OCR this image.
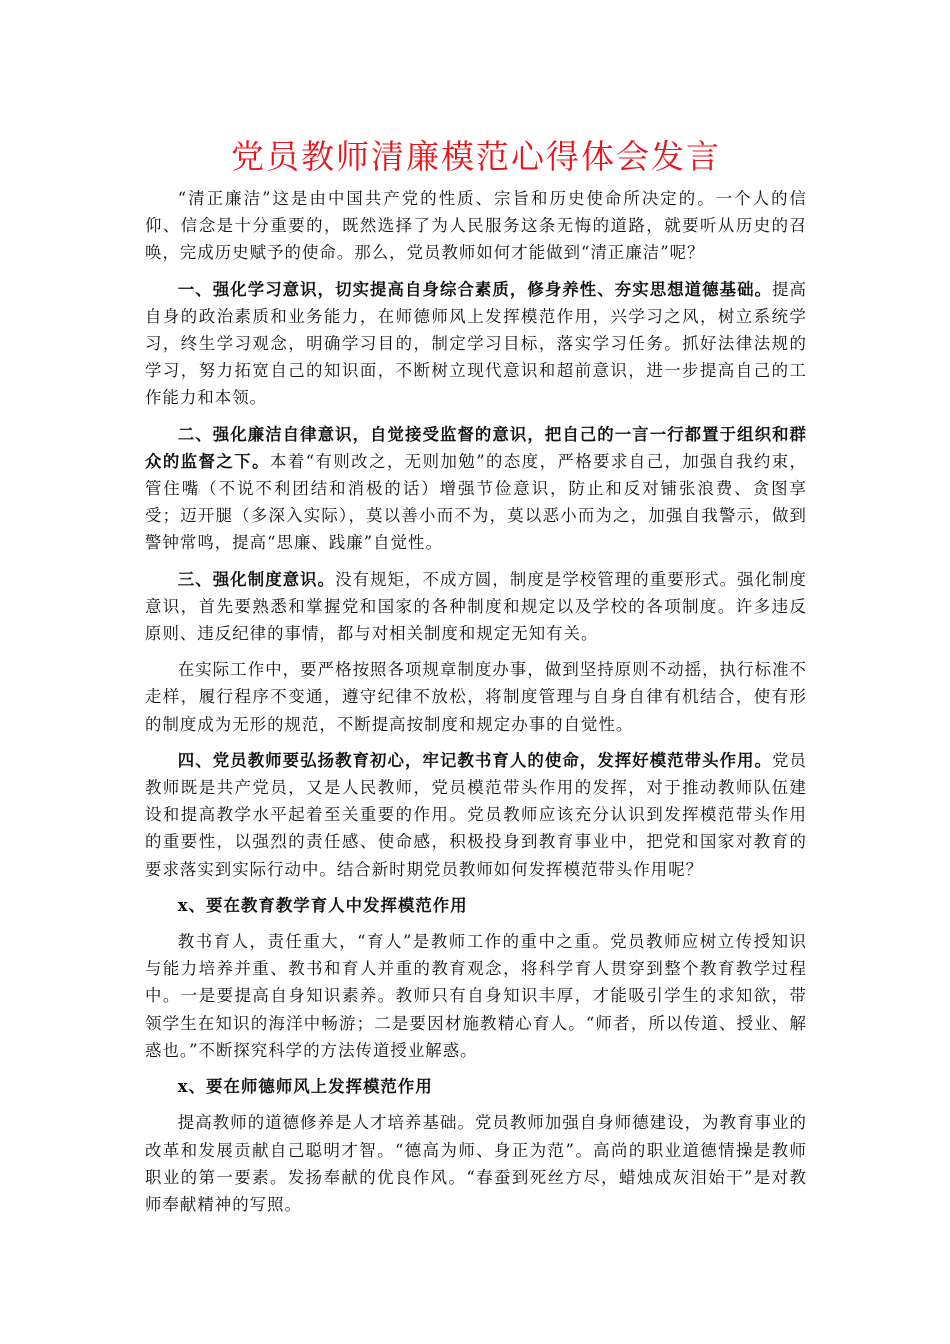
党员教师清廉模范心得体会发言

“清正廉洁”这是由中国共产党的性质、宗旨和历史使命所决定的。一个人的信仰、信念是十分重要的，既然选择了为人民服务这条无悔的道路，就要听从历史的召唤，完成历史赋予的使命。那么，党员教师如何才能做到“清正廉洁”呢？

一、强化学习意识，切实提高自身综合素质，修身养性、夯实思想道德基础。提高自身的政治素质和业务能力，在师德师风上发挥模范作用，兴学习之风，树立系统学习，终生学习观念，明确学习目的，制定学习目标，落实学习任务。抓好法律法规的学习，努力拓宽自己的知识面，不断树立现代意识和超前意识，进一步提高自己的工作能力和本领。

二、强化廉洁自律意识，自觉接受监督的意识，把自己的一言一行都置于组织和群众的监督之下。本着“有则改之，无则加勉”的态度，严格要求自己，加强自我约束，管住嘴（不说不利团结和消极的话）增强节俭意识，防止和反对铺张浪费、贪图享受；迈开腿（多深入实际），莫以善小而不为，莫以恶小而为之，加强自我警示，做到警钟常鸣，提高“思廉、践廉”自觉性。

三、强化制度意识。没有规矩，不成方圆，制度是学校管理的重要形式。强化制度意识，首先要熟悉和掌握党和国家的各种制度和规定以及学校的各项制度。许多违反原则、违反纪律的事情，都与对相关制度和规定无知有关。

在实际工作中，要严格按照各项规章制度办事，做到坚持原则不动摇，执行标准不走样，履行程序不变通，遵守纪律不放松，将制度管理与自身自律有机结合，使有形的制度成为无形的规范，不断提高按制度和规定办事的自觉性。

四、党员教师要弘扬教育初心，牢记教书育人的使命，发挥好模范带头作用。党员教师既是共产党员，又是人民教师，党员模范带头作用的发挥，对于推动教师队伍建设和提高教学水平起着至关重要的作用。党员教师应该充分认识到发挥模范带头作用的重要性，以强烈的责任感、使命感，积极投身到教育事业中，把党和国家对教育的要求落实到实际行动中。结合新时期党员教师如何发挥模范带头作用呢？

x、要在教育教学育人中发挥模范作用

教书育人，责任重大，“育人”是教师工作的重中之重。党员教师应树立传授知识与能力培养并重、教书和育人并重的教育观念，将科学育人贯穿到整个教育教学过程中。一是要提高自身知识素养。教师只有自身知识丰厚，才能吸引学生的求知欲，带领学生在知识的海洋中畅游；二是要因材施教精心育人。“师者，所以传道、授业、解惑也。”不断探究科学的方法传道授业解惑。

x、要在师德师风上发挥模范作用

提高教师的道德修养是人才培养基础。党员教师加强自身师德建设，为教育事业的改革和发展贡献自己聪明才智。“德高为师、身正为范”。高尚的职业道德情操是教师职业的第一要素。发扬奉献的优良作风。“春蚕到死丝方尽，蜡烛成灰泪始干”是对教师奉献精神的写照。
